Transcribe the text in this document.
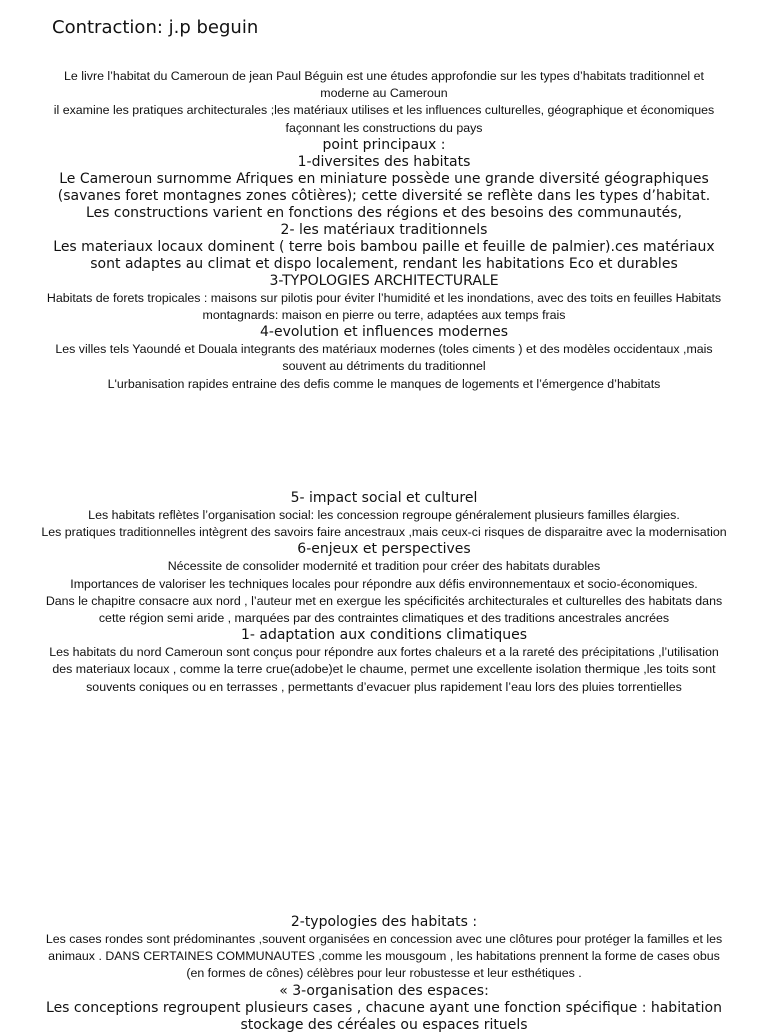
Contraction: j.p beguin

Le livre l’habitat du Cameroun de jean Paul Béguin est une études approfondie sur les types d’habitats traditionnel et moderne au Cameroun

il examine les pratiques architecturales ;les matériaux utilises et les influences culturelles, géographique et économiques façonnant les constructions du pays

point principaux :

1-diversites des habitats

Le Cameroun surnomme Afriques en miniature possède une grande diversité géographiques (savanes foret montagnes zones côtières); cette diversité se reflète dans les types d’habitat.

Les constructions varient en fonctions des régions et des besoins des communautés,

2- les matériaux traditionnels

Les materiaux locaux dominent ( terre bois bambou paille et feuille de palmier).ces matériaux sont adaptes au climat et dispo localement, rendant les habitations Eco et durables

3-TYPOLOGIES ARCHITECTURALE

Habitats de forets tropicales : maisons sur pilotis pour éviter l’humidité et les inondations, avec des toits en feuilles Habitats montagnards: maison en pierre ou terre, adaptées aux temps frais

4-evolution et influences modernes

Les villes tels Yaoundé et Douala integrants des matériaux modernes (toles ciments ) et des modèles occidentaux ,mais souvent au détriments du traditionnel

L'urbanisation rapides entraine des defis comme le manques de logements et l’émergence d’habitats

5- impact social et culturel

Les habitats reflètes l’organisation social: les concession regroupe généralement plusieurs familles élargies.

Les pratiques traditionnelles intègrent des savoirs faire ancestraux ,mais ceux-ci risques de disparaitre avec la modernisation

6-enjeux et perspectives

Nécessite de consolider modernité et tradition pour créer des habitats durables

Importances de valoriser les techniques locales pour répondre aux défis environnementaux et socio-économiques.

Dans le chapitre consacre aux nord , l’auteur met en exergue les spécificités architecturales et culturelles des habitats dans cette région semi aride , marquées par des contraintes climatiques et des traditions ancestrales ancrées

1- adaptation aux conditions climatiques

Les habitats du nord Cameroun sont conçus pour répondre aux fortes chaleurs et a la rareté des précipitations ,l’utilisation des materiaux locaux , comme la terre crue(adobe)et le chaume, permet une excellente isolation thermique ,les toits sont souvents coniques ou en terrasses , permettants d’evacuer plus rapidement l’eau lors des pluies torrentielles

2-typologies des habitats :

Les cases rondes sont prédominantes ,souvent organisées en concession avec une clôtures pour protéger la familles et les animaux . DANS CERTAINES COMMUNAUTES ,comme les mousgoum , les habitations prennent la forme de cases obus (en formes de cônes) célèbres pour leur robustesse et leur esthétiques .

« 3-organisation des espaces:

Les conceptions regroupent plusieurs cases , chacune ayant une fonction spécifique : habitation stockage des céréales ou espaces rituels
